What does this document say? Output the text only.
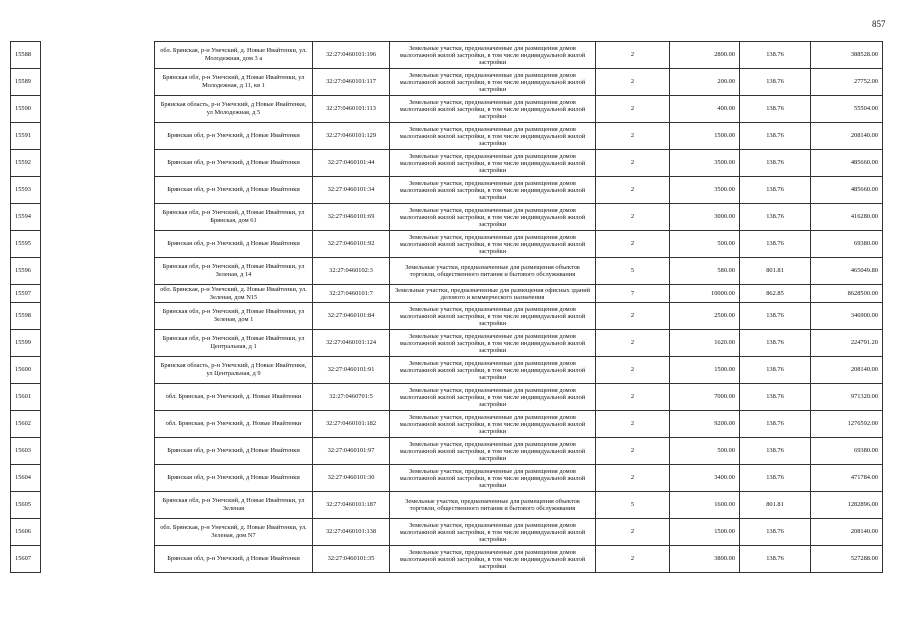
857
15588		обл. Брянская, р-н Унечский, д. Новые Ивайтенки, ул. Молодежная, дом 3 а	32:27:0460101:196	Земельные участки, предназначенные для размещения домов малоэтажной жилой застройки, в том числе индивидуальной жилой застройки	2	2800.00	138.76	388528.00
15589		Брянская обл, р-н Унечский, д Новые Ивайтенки, ул Молодежная, д 11, кв 1	32:27:0460101:117	Земельные участки, предназначенные для размещения домов малоэтажной жилой застройки, в том числе индивидуальной жилой застройки	2	200.00	138.76	27752.00
15590		Брянская область, р-н Унечский, д Новые Ивайтенки, ул Молодежная, д 5	32:27:0460101:113	Земельные участки, предназначенные для размещения домов малоэтажной жилой застройки, в том числе индивидуальной жилой застройки	2	400.00	138.76	55504.00
15591		Брянская обл, р-н Унечский, д Новые Ивайтенки	32:27:0460101:129	Земельные участки, предназначенные для размещения домов малоэтажной жилой застройки, в том числе индивидуальной жилой застройки	2	1500.00	138.76	208140.00
15592		Брянская обл, р-н Унечский, д Новые Ивайтенки	32:27:0460101:44	Земельные участки, предназначенные для размещения домов малоэтажной жилой застройки, в том числе индивидуальной жилой застройки	2	3500.00	138.76	485660.00
15593		Брянская обл, р-н Унечский, д Новые Ивайтенки	32:27:0460101:34	Земельные участки, предназначенные для размещения домов малоэтажной жилой застройки, в том числе индивидуальной жилой застройки	2	3500.00	138.76	485660.00
15594		Брянская обл, р-н Унечский, д Новые Ивайтенки, ул Брянская, дом 61	32:27:0460101:69	Земельные участки, предназначенные для размещения домов малоэтажной жилой застройки, в том числе индивидуальной жилой застройки	2	3000.00	138.76	416280.00
15595		Брянская обл, р-н Унечский, д Новые Ивайтенки	32:27:0460101:92	Земельные участки, предназначенные для размещения домов малоэтажной жилой застройки, в том числе индивидуальной жилой застройки	2	500.00	138.76	69380.00
15596		Брянская обл, р-н Унечский, д Новые Ивайтенки, ул Зеленая, д 14	32:27:0460102:3	Земельные участки, предназначенные для размещения объектов торговли, общественного питания и бытового обслуживания	5	580.00	801.81	465049.80
15597		обл. Брянская, р-н Унечский, д. Новые Ивайтенки, ул. Зеленая, дом N15	32:27:0460101:7	Земельные участки, предназначенные для размещения офисных зданий делового и коммерческого назначения	7	10000.00	862.85	8628500.00
15598		Брянская обл, р-н Унечский, д Новые Ивайтенки, ул Зеленая, дом 1	32:27:0460101:84	Земельные участки, предназначенные для размещения домов малоэтажной жилой застройки, в том числе индивидуальной жилой застройки	2	2500.00	138.76	346900.00
15599		Брянская обл, р-н Унечский, д Новые Ивайтенки, ул Центральная, д 1	32:27:0460101:124	Земельные участки, предназначенные для размещения домов малоэтажной жилой застройки, в том числе индивидуальной жилой застройки	2	1620.00	138.76	224791.20
15600		Брянская область, р-н Унечский, д Новые Ивайтенки, ул Центральная, д 9	32:27:0460101:91	Земельные участки, предназначенные для размещения домов малоэтажной жилой застройки, в том числе индивидуальной жилой застройки	2	1500.00	138.76	208140.00
15601		обл. Брянская, р-н Унечский, д. Новые Ивайтенки	32:27:0460701:5	Земельные участки, предназначенные для размещения домов малоэтажной жилой застройки, в том числе индивидуальной жилой застройки	2	7000.00	138.76	971320.00
15602		обл. Брянская, р-н Унечский, д. Новые Ивайтенки	32:27:0460101:182	Земельные участки, предназначенные для размещения домов малоэтажной жилой застройки, в том числе индивидуальной жилой застройки	2	9200.00	138.76	1276592.00
15603		Брянская обл, р-н Унечский, д Новые Ивайтенки	32:27:0460101:97	Земельные участки, предназначенные для размещения домов малоэтажной жилой застройки, в том числе индивидуальной жилой застройки	2	500.00	138.76	69380.00
15604		Брянская обл, р-н Унечский, д Новые Ивайтенки	32:27:0460101:30	Земельные участки, предназначенные для размещения домов малоэтажной жилой застройки, в том числе индивидуальной жилой застройки	2	3400.00	138.76	471784.00
15605		Брянская обл, р-н Унечский, д Новые Ивайтенки, ул Зеленая	32:27:0460101:187	Земельные участки, предназначенные для размещения объектов торговли, общественного питания и бытового обслуживания	5	1600.00	801.81	1282896.00
15606		обл. Брянская, р-н Унечский, д. Новые Ивайтенки, ул. Зеленая, дом N7	32:27:0460101:138	Земельные участки, предназначенные для размещения домов малоэтажной жилой застройки, в том числе индивидуальной жилой застройки	2	1500.00	138.76	208140.00
15607		Брянская обл, р-н Унечский, д Новые Ивайтенки	32:27:0460101:35	Земельные участки, предназначенные для размещения домов малоэтажной жилой застройки, в том числе индивидуальной жилой застройки	2	3800.00	138.76	527288.00
